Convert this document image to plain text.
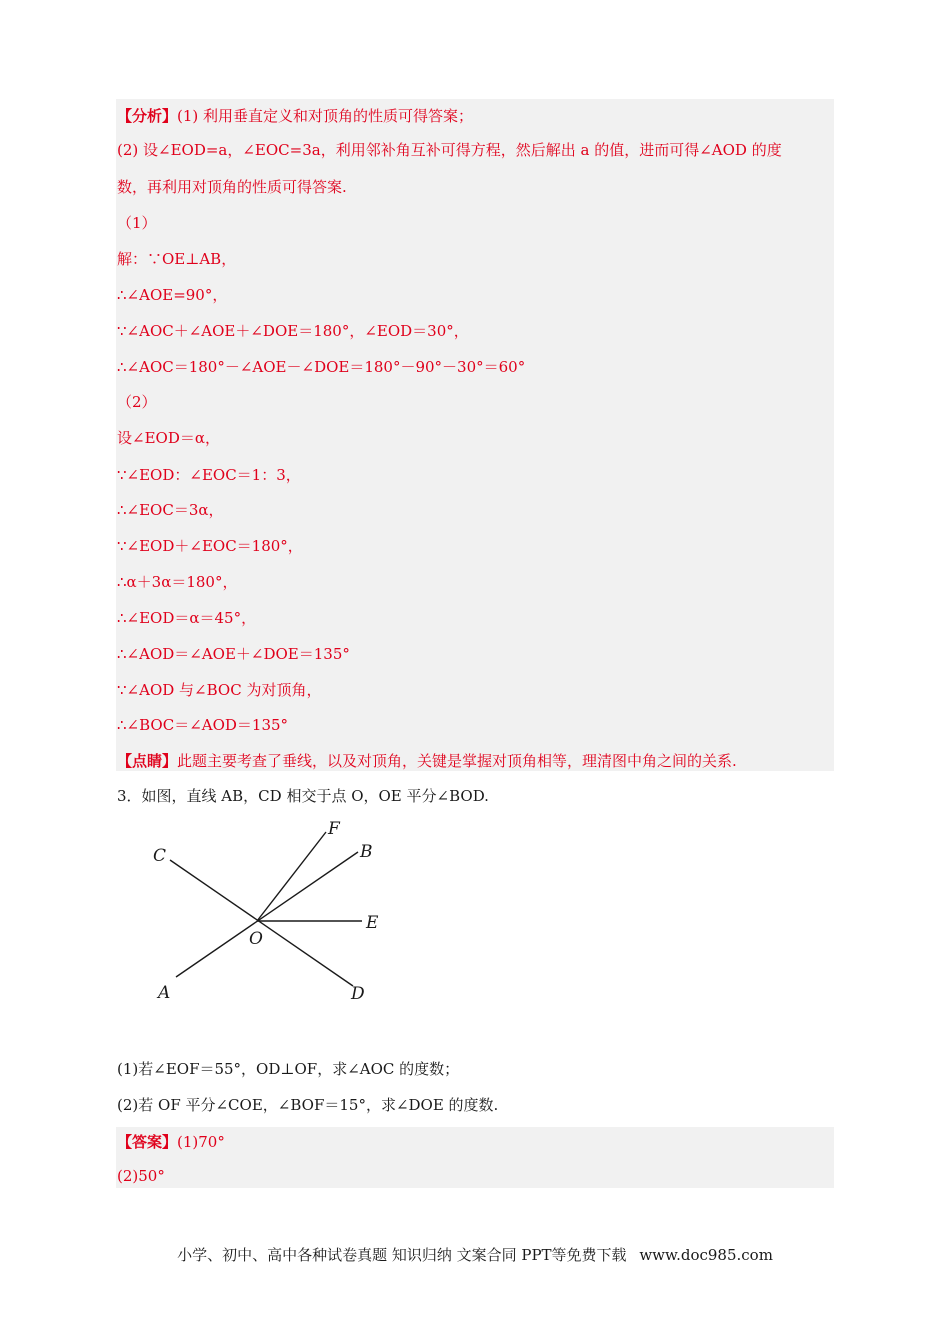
【分析】(1) 利用垂直定义和对顶角的性质可得答案；
(2) 设∠EOD=a，∠EOC=3a，利用邻补角互补可得方程，然后解出 a 的值，进而可得∠AOD 的度
数，再利用对顶角的性质可得答案.
（1）
解：∵OE⊥AB，
∴∠AOE=90°，
∵∠AOC＋∠AOE＋∠DOE＝180°，∠EOD＝30°，
∴∠AOC＝180°－∠AOE－∠DOE＝180°－90°－30°＝60°
（2）
设∠EOD＝α，
∵∠EOD：∠EOC＝1：3，
∴∠EOC＝3α，
∵∠EOD＋∠EOC＝180°，
∴α＋3α＝180°，
∴∠EOD＝α＝45°，
∴∠AOD＝∠AOE＋∠DOE＝135°
∵∠AOD 与∠BOC 为对顶角，
∴∠BOC＝∠AOD＝135°
【点睛】此题主要考查了垂线，以及对顶角，关键是掌握对顶角相等，理清图中角之间的关系.
3．如图，直线 AB，CD 相交于点 O，OE 平分∠BOD.
C
F
B
E
O
A	D
(1)若∠EOF＝55°，OD⊥OF，求∠AOC 的度数；
(2)若 OF 平分∠COE，∠BOF＝15°，求∠DOE 的度数.
【答案】(1)70°
(2)50°
小学、初中、高中各种试卷真题 知识归纳 文案合同 PPT等免费下载 www.doc985.com
